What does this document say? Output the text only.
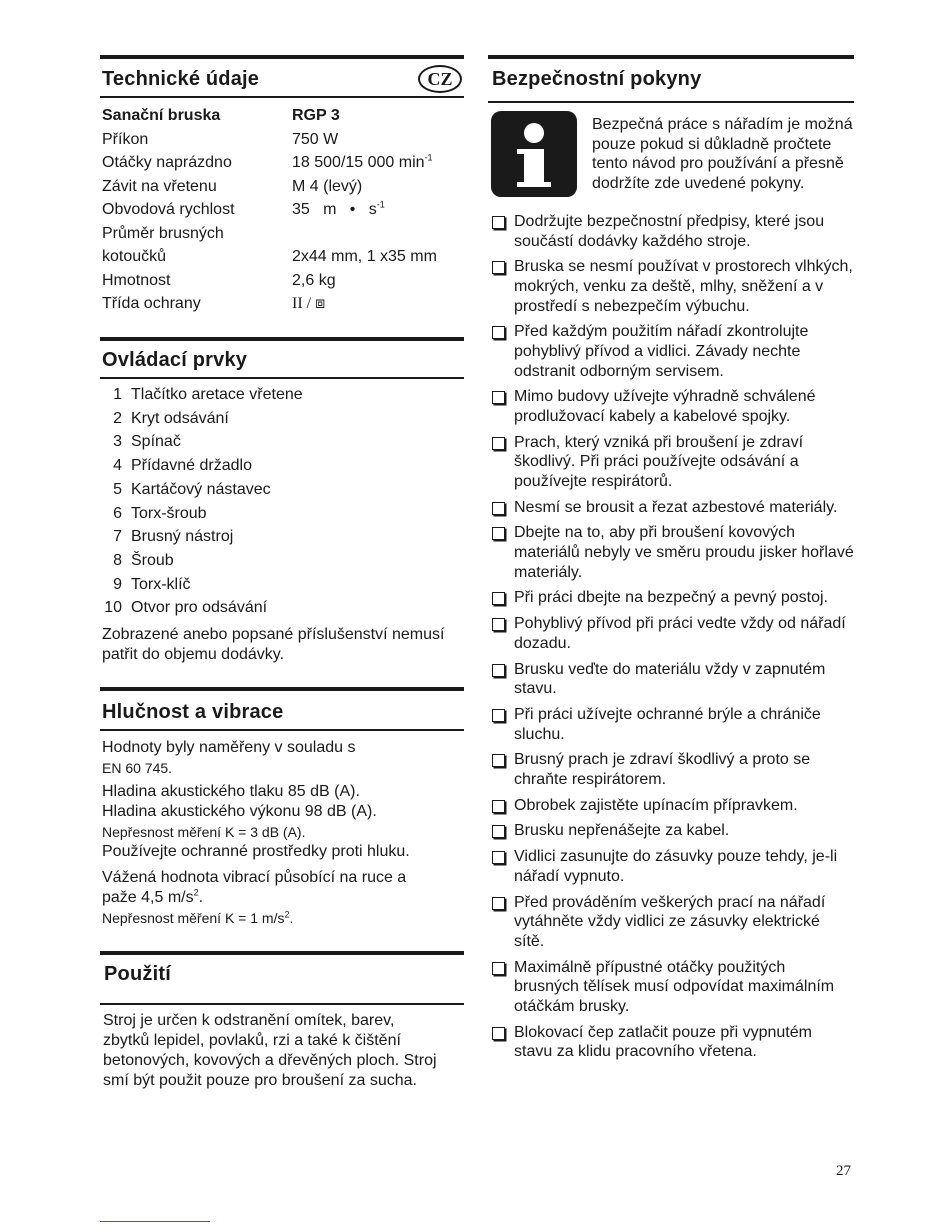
Technické údaje	CZ
Sanační bruska	RGP 3
Příkon	750 W
Otáčky naprázdno	18 500/15 000 $\min^{-1}$
Závit na vřetenu	M 4 (levý)
Obvodová rychlost	35   m   •   $s^{-1}$
Průměr brusných
kotoučků	2x44 mm, 1 x35 mm
Hmotnost	2,6 kg
Třída ochrany	II / ⧈
Ovládací prvky
1 Tlačítko aretace vřetene
2 Kryt odsávání
3 Spínač
4 Přídavné držadlo
5 Kartáčový nástavec
6 Torx-šroub
7 Brusný nástroj
8 Šroub
9 Torx-klíč
10 Otvor pro odsávání
Zobrazené anebo popsané příslušenství nemusí patřit do objemu dodávky.
Hlučnost a vibrace
Hodnoty byly naměřeny v souladu s
EN 60 745.
Hladina akustického tlaku 85 dB (A).
Hladina akustického výkonu 98 dB (A).
Nepřesnost měření K = 3 dB (A).
Používejte ochranné prostředky proti hluku.
Vážená hodnota vibrací působící na ruce a
paže 4,5 $m/s^2$.
Nepřesnost měření K = 1 $m/s^2$.
Použití
Stroj je určen k odstranění omítek, barev, zbytků lepidel, povlaků, rzi a také k čištění betonových, kovových a dřevěných ploch. Stroj smí být použit pouze pro broušení za sucha.
Bezpečnostní pokyny
Bezpečná práce s nářadím je možná pouze pokud si důkladně pročtete tento návod pro používání a přesně dodržíte zde uvedené pokyny.
Dodržujte bezpečnostní předpisy, které jsou součástí dodávky každého stroje.
Bruska se nesmí používat v prostorech vlhkých, mokrých, venku za deště, mlhy, sněžení a v prostředí s nebezpečím výbuchu.
Před každým použitím nářadí zkontrolujte pohyblivý přívod a vidlici. Závady nechte odstranit odborným servisem.
Mimo budovy užívejte výhradně schválené prodlužovací kabely a kabelové spojky.
Prach, který vzniká při broušení je zdraví škodlivý. Při práci používejte odsávání a používejte respirátorů.
Nesmí se brousit a řezat azbestové materiály.
Dbejte na to, aby při broušení kovových materiálů nebyly ve směru proudu jisker hořlavé materiály.
Při práci dbejte na bezpečný a pevný postoj.
Pohyblivý přívod při práci vedte vždy od nářadí dozadu.
Brusku veďte do materiálu vždy v zapnutém stavu.
Při práci užívejte ochranné brýle a chrániče sluchu.
Brusný prach je zdraví škodlivý a proto se chraňte respirátorem.
Obrobek zajistěte upínacím přípravkem.
Brusku nepřenášejte za kabel.
Vidlici zasunujte do zásuvky pouze tehdy, je-li nářadí vypnuto.
Před prováděním veškerých prací na nářadí vytáhněte vždy vidlici ze zásuvky elektrické sítě.
Maximálně přípustné otáčky použitých brusných tělísek musí odpovídat maximálním otáčkám brusky.
Blokovací čep zatlačit pouze při vypnutém stavu za klidu pracovního vřetena.
27
